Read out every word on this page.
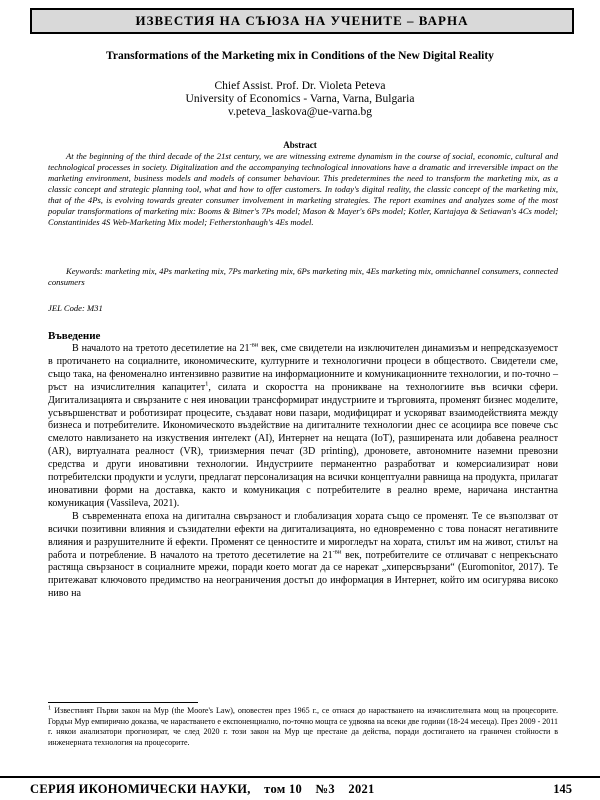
ИЗВЕСТИЯ НА СЪЮЗА НА УЧЕНИТЕ – ВАРНА
Transformations of the Marketing mix in Conditions of the New Digital Reality
Chief Assist. Prof. Dr. Violeta Peteva
University of Economics - Varna, Varna, Bulgaria
v.peteva_laskova@ue-varna.bg
Abstract

At the beginning of the third decade of the 21st century, we are witnessing extreme dynamism in the course of social, economic, cultural and technological processes in society. Digitalization and the accompanying technological innovations have a dramatic and irreversible impact on the marketing environment, business models and models of consumer behaviour. This predetermines the need to transform the marketing mix, as a classic concept and strategic planning tool, what and how to offer customers. In today's digital reality, the classic concept of the marketing mix, that of the 4Ps, is evolving towards greater consumer involvement in marketing strategies. The report examines and analyzes some of the most popular transformations of marketing mix: Booms & Bitner's 7Ps model; Mason & Mayer's 6Ps model; Kotler, Kartajaya & Setiawan's 4Cs model; Constantinides 4S Web-Marketing Mix model; Fetherstonhaugh's 4Es model.

Keywords: marketing mix, 4Ps marketing mix, 7Ps marketing mix, 6Ps marketing mix, 4Es marketing mix, omnichannel consumers, connected consumers

JEL Code: M31

Въведение

В началото на третото десетилетие на $21^{-ви}$ век, сме свидетели на изключителен динамизъм и непредсказуемост в протичането на социалните, икономическите, културните и технологични процеси в обществото. Свидетели сме, също така, на феноменално интензивно развитие на информационните и комуникационните технологии, и по-точно – ръст на изчислителния капацитет$^1$, силата и скоростта на проникване на технологиите във всички сфери. Дигитализацията и свързаните с нея иновации трансформират индустриите и търговията, променят бизнес моделите, усъвършенстват и роботизират процесите, създават нови пазари, модифицират и ускоряват взаимодействията между бизнеса и потребителите. Икономическото въздействие на дигиталните технологии днес се асоциира все повече със смелото навлизането на изкуствения интелект (AI), Интернет на нещата (IoT), разширената или добавена реалност (AR), виртуалната реалност (VR), триизмерния печат (3D printing), дроновете, автономните наземни превозни средства и други иновативни технологии. Индустриите перманентно разработват и комерсиализират нови потребителски продукти и услуги, предлагат персонализация на всички концептуални равнища на продукта, прилагат иновативни форми на доставка, както и комуникация с потребителите в реално време, наричана инстантна комуникация (Vassileva, 2021).

В съвременната епоха на дигитална свързаност и глобализация хората също се променят. Те се възползват от всички позитивни влияния и съзидателни ефекти на дигитализацията, но едновременно с това понасят негативните влияния и разрушителните й ефекти. Променят се ценностите и мирогледът на хората, стилът им на живот, стилът на работа и потребление. В началото на третото десетилетие на $21^{-ви}$ век, потребителите се отличават с непрекъснато растяща свързаност в социалните мрежи, поради което могат да се нарекат „хиперсвързани“ (Euromonitor, 2017). Те притежават ключовото предимство на неограничения достъп до информация в Интернет, който им осигурява високо ниво на

$^1$ Известният Първи закон на Мур (the Moore's Law), оповестен през 1965 г., се отнася до нарастването на изчислителната мощ на процесорите. Гордън Мур емпирично доказва, че нарастването е експоненциално, по-точно мощта се удвоява на всеки две години (18-24 месеца). През 2009 - 2011 г. някои анализатори прогнозират, че след 2020 г. този закон на Мур ще престане да действа, поради достигането на граничен стойности в инженерната технология на процесорите.

СЕРИЯ ИКОНОМИЧЕСКИ НАУКИ, том 10 №3 2021	145
